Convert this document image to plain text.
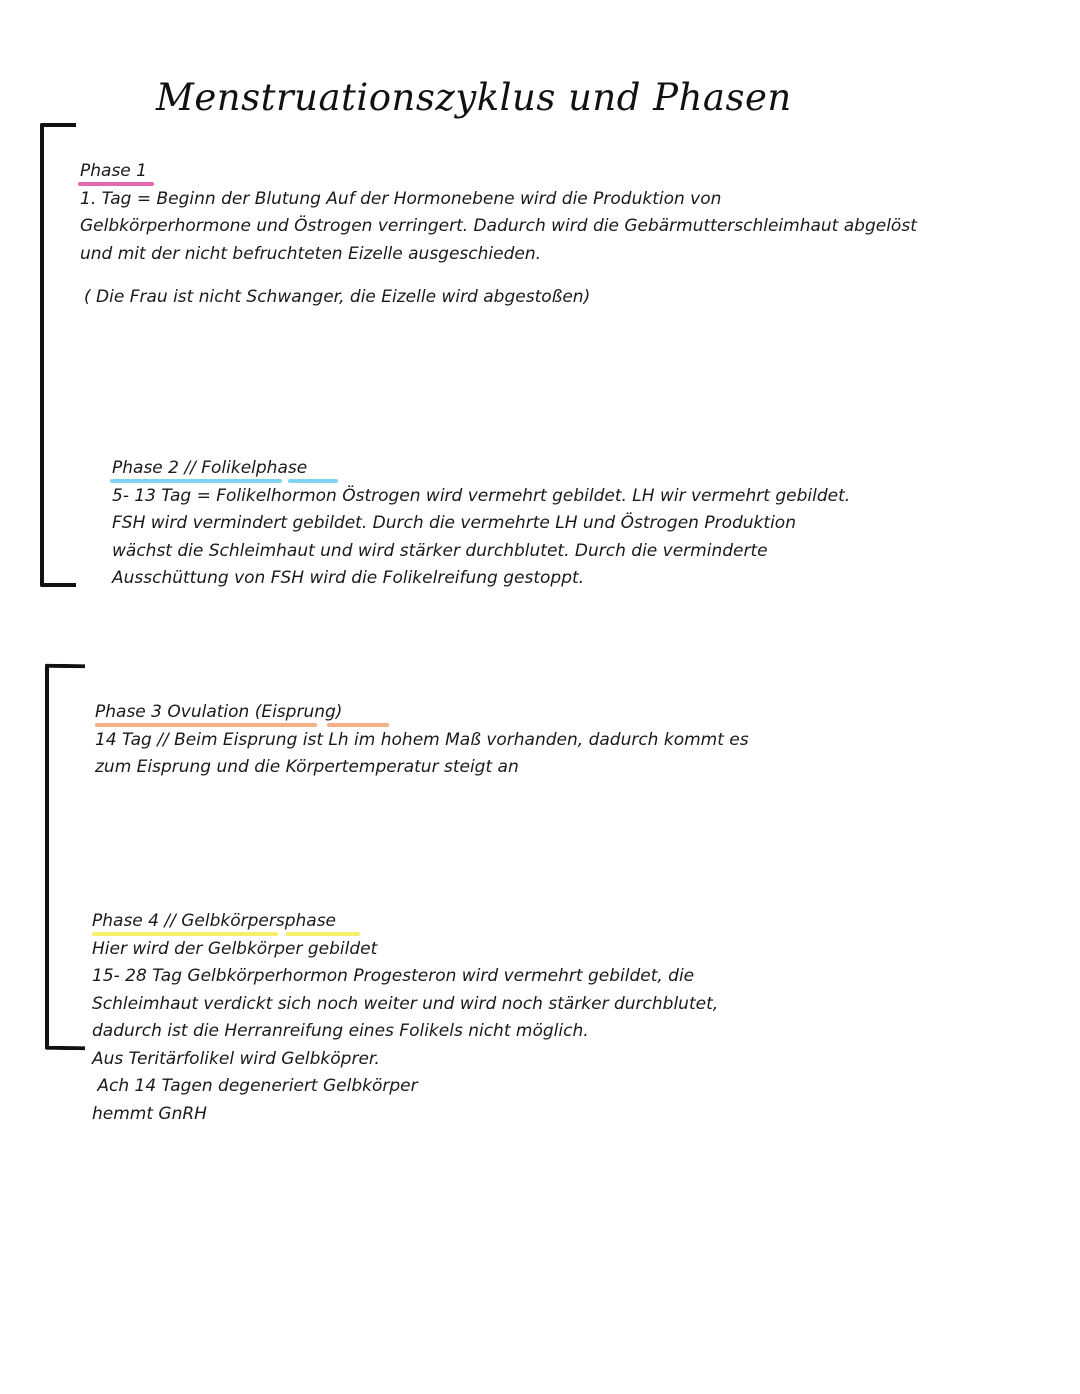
Menstruationszyklus und Phasen
Phase 1
1. Tag = Beginn der Blutung Auf der Hormonebene wird die Produktion von
Gelbkörperhormone und Östrogen verringert. Dadurch wird die Gebärmutterschleimhaut abgelöst
und mit der nicht befruchteten Eizelle ausgeschieden.
( Die Frau ist nicht Schwanger, die Eizelle wird abgestoßen)
Phase 2 // Folikelphase
5- 13 Tag = Folikelhormon Östrogen wird vermehrt gebildet. LH wir vermehrt gebildet.
FSH wird vermindert gebildet. Durch die vermehrte LH und Östrogen Produktion
wächst die Schleimhaut und wird stärker durchblutet. Durch die verminderte
Ausschüttung von FSH wird die Folikelreifung gestoppt.
Phase 3 Ovulation (Eisprung)
14 Tag // Beim Eisprung ist Lh im hohem Maß vorhanden, dadurch kommt es
zum Eisprung und die Körpertemperatur steigt an
Phase 4 // Gelbkörpersphase
Hier wird der Gelbkörper gebildet
15- 28 Tag Gelbkörperhormon Progesteron wird vermehrt gebildet, die
Schleimhaut verdickt sich noch weiter und wird noch stärker durchblutet,
dadurch ist die Herranreifung eines Folikels nicht möglich.
Aus Teritärfolikel wird Gelbköprer.
Ach 14 Tagen degeneriert Gelbkörper
hemmt GnRH
